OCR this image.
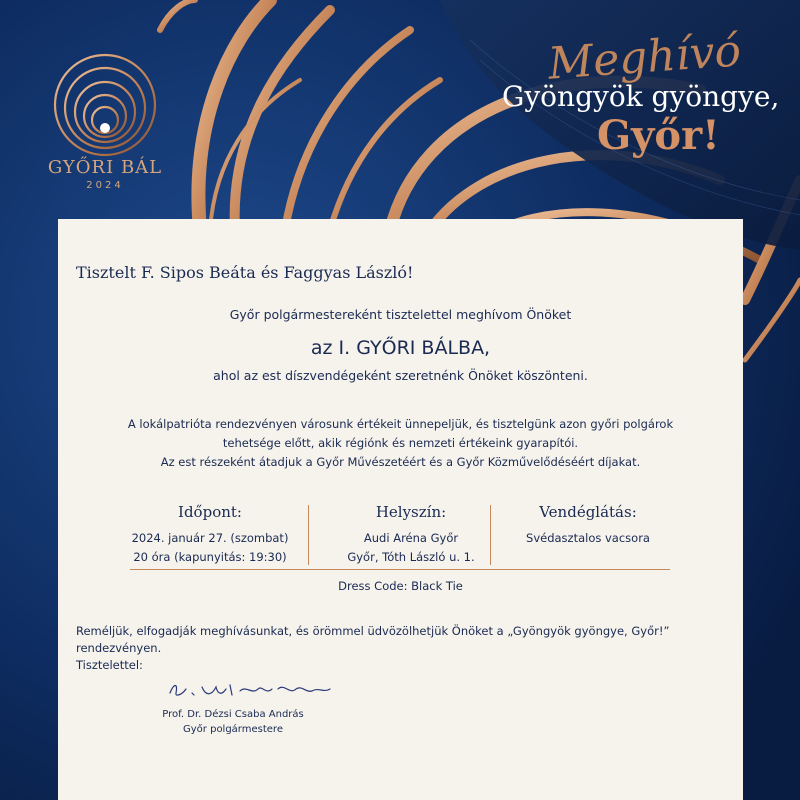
GYŐRI BÁL
2024
Meghívó
Gyöngyök gyöngye,
Győr!
Tisztelt F. Sipos Beáta és Faggyas László!
Győr polgármestereként tisztelettel meghívom Önöket
az I. GYŐRI BÁLBA,
ahol az est díszvendégeként szeretnénk Önöket köszönteni.
A lokálpatrióta rendezvényen városunk értékeit ünnepeljük, és tisztelgünk azon győri polgárok
tehetsége előtt, akik régiónk és nemzeti értékeink gyarapítói.
Az est részeként átadjuk a Győr Művészetéért és a Győr Közművelődéséért díjakat.
Időpont:
2024. január 27. (szombat)
20 óra (kapunyitás: 19:30)
Helyszín:
Audi Aréna Győr
Győr, Tóth László u. 1.
Vendéglátás:
Svédasztalos vacsora
Dress Code: Black Tie
Reméljük, elfogadják meghívásunkat, és örömmel üdvözölhetjük Önöket a „Gyöngyök gyöngye, Győr!” rendezvényen.
Tisztelettel:
Prof. Dr. Dézsi Csaba András
Győr polgármestere
